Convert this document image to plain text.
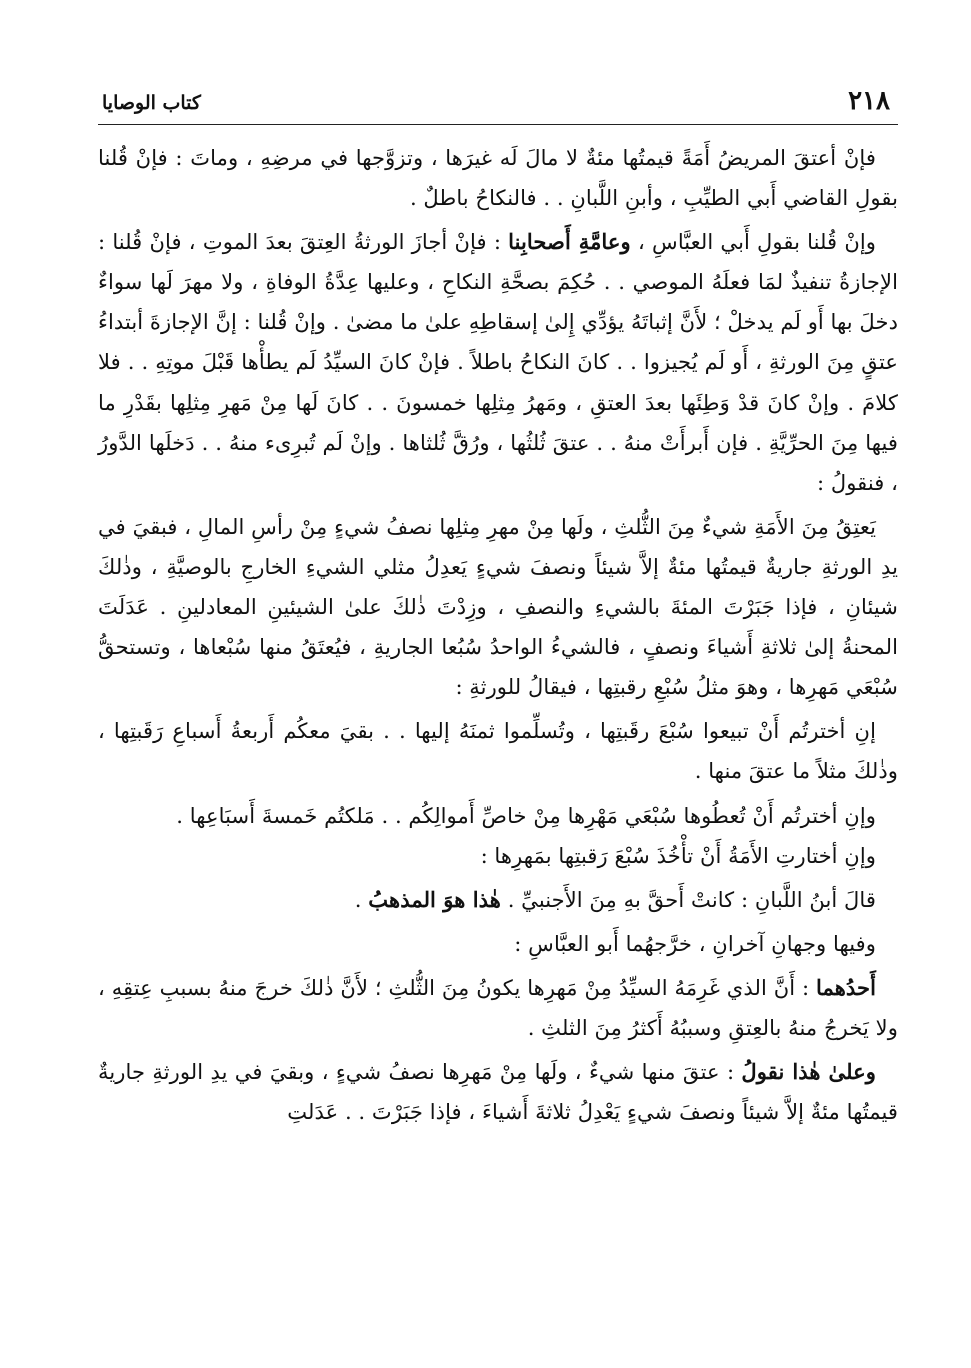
٢١٨
كتاب الوصايا

فإنْ أعتقَ المريضُ أَمَةً قيمتُها مئةٌ لا مالَ لَه غيرَها ، وتزوَّجها في مرضِهِ ، وماتَ : فإنْ قُلنا بقولِ القاضي أَبي الطيِّبِ ، وأبنِ اللَّبانِ . . فالنكاحُ باطلٌ .

وإنْ قُلنا بقولِ أَبي العبَّاسِ ، وعامَّةِ أَصحابِنا : فإنْ أجازَ الورثةُ العِتقَ بعدَ الموتِ ، فإنْ قُلنا : الإجازةُ تنفيذٌ لمَا فعلَهُ الموصي . . حُكِمَ بصحَّةِ النكاحِ ، وعليها عِدَّةُ الوفاةِ ، ولا مهرَ لَها سواءٌ دخلَ بها أَو لَم يدخلْ ؛ لأَنَّ إثباتَهُ يؤدِّي إِلىٰ إسقاطِهِ علىٰ ما مضىٰ . وإنْ قُلنا : إنَّ الإجازةَ أبتداءُ عتقٍ مِنَ الورثةِ ، أَو لَم يُجيزوا . . كانَ النكاحُ باطلاً . فإنْ كانَ السيِّدُ لَم يطأْها قَبْلَ موتِهِ . . فلا كلامَ . وإنْ كانَ قدْ وَطِئَها بعدَ العتقِ ، ومَهرُ مِثلِها خمسونَ . . كانَ لَها مِنْ مَهرِ مِثلِها بقَدْرِ ما فيها مِنَ الحرِّيَّةِ . فإن أَبرأَتْ منهُ . . عتقَ ثُلثُها ، ورُقَّ ثُلثاها . وإنْ لَم تُبرِىء منهُ . . دَخلَها الدَّورُ ، فنقولُ :

يَعتِقُ مِنَ الأَمَةِ شيءٌ مِنَ الثُّلثِ ، ولَها مِنْ مهرِ مِثلِها نصفُ شيءٍ مِنْ رأسِ المالِ ، فبقيَ في يدِ الورثةِ جاريةٌ قيمتُها مئةٌ إلاَّ شيئاً ونصفَ شيءٍ يَعدِلُ مثلي الشيءِ الخارجِ بالوصيَّةِ ، وذٰلكَ شيئانِ ، فإذا جَبَرْتَ المئةَ بالشيءِ والنصفِ ، وزِدْتَ ذٰلكَ علىٰ الشيئينِ المعادلينِ . عَدَلَتَ المحنةُ إلىٰ ثلاثةِ أَشياءَ ونصفٍ ، فالشيءُ الواحدُ سُبُعا الجاريةِ ، فيُعتَقُ منها سُبْعاها ، وتستحقُّ سُبْعَي مَهرِها ، وهوَ مثلُ سُبْعِ رقبتِها ، فيقالُ للورثةِ :

إنِ أخترتُم أَنْ تبيعوا سُبْعَ رقَبتِها ، وتُسلِّموا ثمنَهُ إليها . . بقيَ معكُم أَربعةُ أَسباعِ رَقَبتِها ، وذٰلكَ مثلاً ما عتقَ منها .

وإنِ أخترتُم أَنْ تُعطُوها سُبْعَي مَهْرِها مِنْ خاصِّ أَموالِكُم . . مَلكتُم خَمسةَ أَسبَاعِها .

وإنِ أختارتِ الأَمَةُ أَنْ تأْخُذَ سُبْعَ رَقبتِها بمَهرِها :

قالَ أبنُ اللَّبانِ : كانتْ أَحقَّ بهِ مِنَ الأَجنبيِّ . هٰذا هوَ المذهبُ .

وفيها وجهانِ آخرانِ ، خرَّجهُما أَبو العبَّاسِ :

أَحدُهما : أَنَّ الذي غَرِمَهُ السيِّدُ مِنْ مَهرِها يكونُ مِنَ الثُّلثِ ؛ لأَنَّ ذٰلكَ خرجَ منهُ بسببِ عِتقِهِ ، ولا يَخرجُ منهُ بالعِتقِ وسببُهُ أَكثرُ مِنَ الثلثِ .

وعلىٰ هٰذا نقولُ : عتقَ منها شيءٌ ، ولَها مِنْ مَهرِها نصفُ شيءٍ ، وبقيَ في يدِ الورثةِ جاريةٌ قيمتُها مئةٌ إلاَّ شيئاً ونصفَ شيءٍ يَعْدِلُ ثلاثةَ أَشياءَ ، فإذا جَبَرْتَ . . عَدَلتِ
